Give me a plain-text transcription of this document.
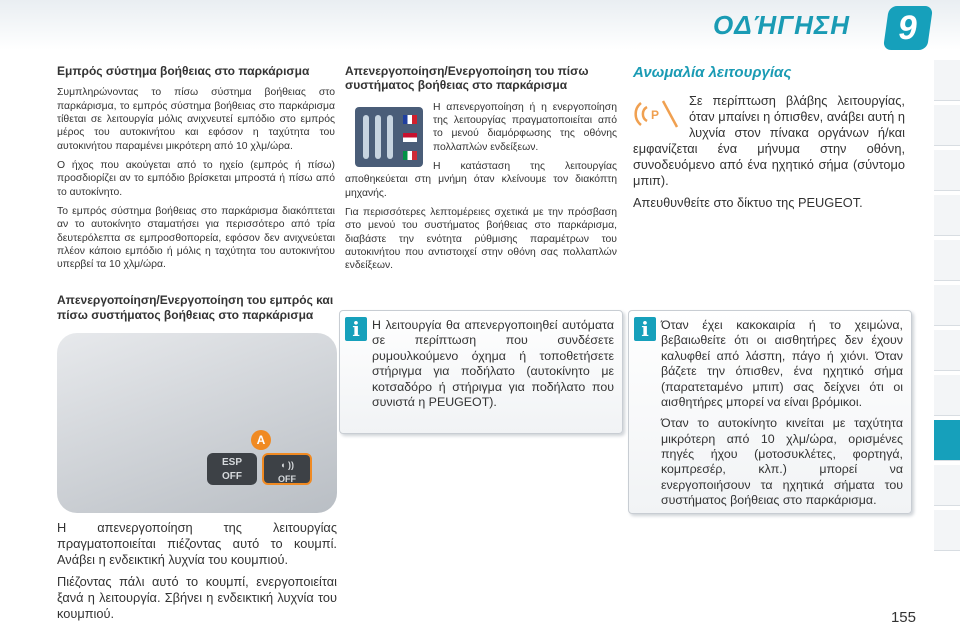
ΟΔΉΓΗΣΗ	9
Εμπρός σύστημα βοήθειας στο παρκάρισμα

Συμπληρώνοντας το πίσω σύστημα βοήθειας στο παρκάρισμα, το εμπρός σύστημα βοήθειας στο παρκάρισμα τίθεται σε λειτουργία μόλις ανιχνευτεί εμπόδιο στο εμπρός μέρος του αυτοκινήτου και εφόσον η ταχύτητα του αυτοκινήτου παραμένει μικρότερη από 10 χλμ/ώρα.

Ο ήχος που ακούγεται από το ηχείο (εμπρός ή πίσω) προσδιορίζει αν το εμπόδιο βρίσκεται μπροστά ή πίσω από το αυτοκίνητο.

Το εμπρός σύστημα βοήθειας στο παρκάρισμα διακόπτεται αν το αυτοκίνητο σταματήσει για περισσότερο από τρία δευτερόλεπτα σε εμπροσθοπορεία, εφόσον δεν ανιχνεύεται πλέον κάποιο εμπόδιο ή μόλις η ταχύτητα του αυτοκινήτου υπερβεί τα 10 χλμ/ώρα.

Απενεργοποίηση/Ενεργοποίηση του εμπρός και πίσω συστήματος βοήθειας στο παρκάρισμα
ESP
OFF
A
◖ ))
OFF

Η απενεργοποίηση της λειτουργίας πραγματοποιείται πιέζοντας αυτό το κουμπί. Ανάβει η ενδεικτική λυχνία του κουμπιού.

Πιέζοντας πάλι αυτό το κουμπί, ενεργοποιείται ξανά η λειτουργία. Σβήνει η ενδεικτική λυχνία του κουμπιού.

Απενεργοποίηση/Ενεργοποίηση του πίσω συστήματος βοήθειας στο παρκάρισμα

Η απενεργοποίηση ή η ενεργοποίηση της λειτουργίας πραγματοποιείται από το μενού διαμόρφωσης της οθόνης πολλαπλών ενδείξεων.

Η κατάσταση της λειτουργίας αποθηκεύεται στη μνήμη όταν κλείνουμε τον διακόπτη μηχανής.

Για περισσότερες λεπτομέρειες σχετικά με την πρόσβαση στο μενού του συστήματος βοήθειας στο παρκάρισμα, διαβάστε την ενότητα ρύθμισης παραμέτρων του αυτοκινήτου που αντιστοιχεί στην οθόνη σας πολλαπλών ενδείξεων.

i Η λειτουργία θα απενεργοποιηθεί αυτόματα σε περίπτωση που συνδέσετε ρυμουλκούμενο όχημα ή τοποθετήσετε στήριγμα για ποδήλατο (αυτοκίνητο με κοτσαδόρο ή στήριγμα για ποδήλατο που συνιστά η PEUGEOT).
Ανωμαλία λειτουργίας
P

Σε περίπτωση βλάβης λειτουργίας, όταν μπαίνει η όπισθεν, ανάβει αυτή η λυχνία στον πίνακα οργάνων ή/και εμφανίζεται ένα μήνυμα στην οθόνη, συνοδευόμενο από ένα ηχητικό σήμα (σύντομο μπιπ).

Απευθυνθείτε στο δίκτυο της PEUGEOT.

i Όταν έχει κακοκαιρία ή το χειμώνα, βεβαιωθείτε ότι οι αισθητήρες δεν έχουν καλυφθεί από λάσπη, πάγο ή χιόνι. Όταν βάζετε την όπισθεν, ένα ηχητικό σήμα (παρατεταμένο μπιπ) σας δείχνει ότι οι αισθητήρες μπορεί να είναι βρόμικοι.

Όταν το αυτοκίνητο κινείται με ταχύτητα μικρότερη από 10 χλμ/ώρα, ορισμένες πηγές ήχου (μοτοσυκλέτες, φορτηγά, κομπρεσέρ, κλπ.) μπορεί να ενεργοποιήσουν τα ηχητικά σήματα του συστήματος βοήθειας στο παρκάρισμα.

155
